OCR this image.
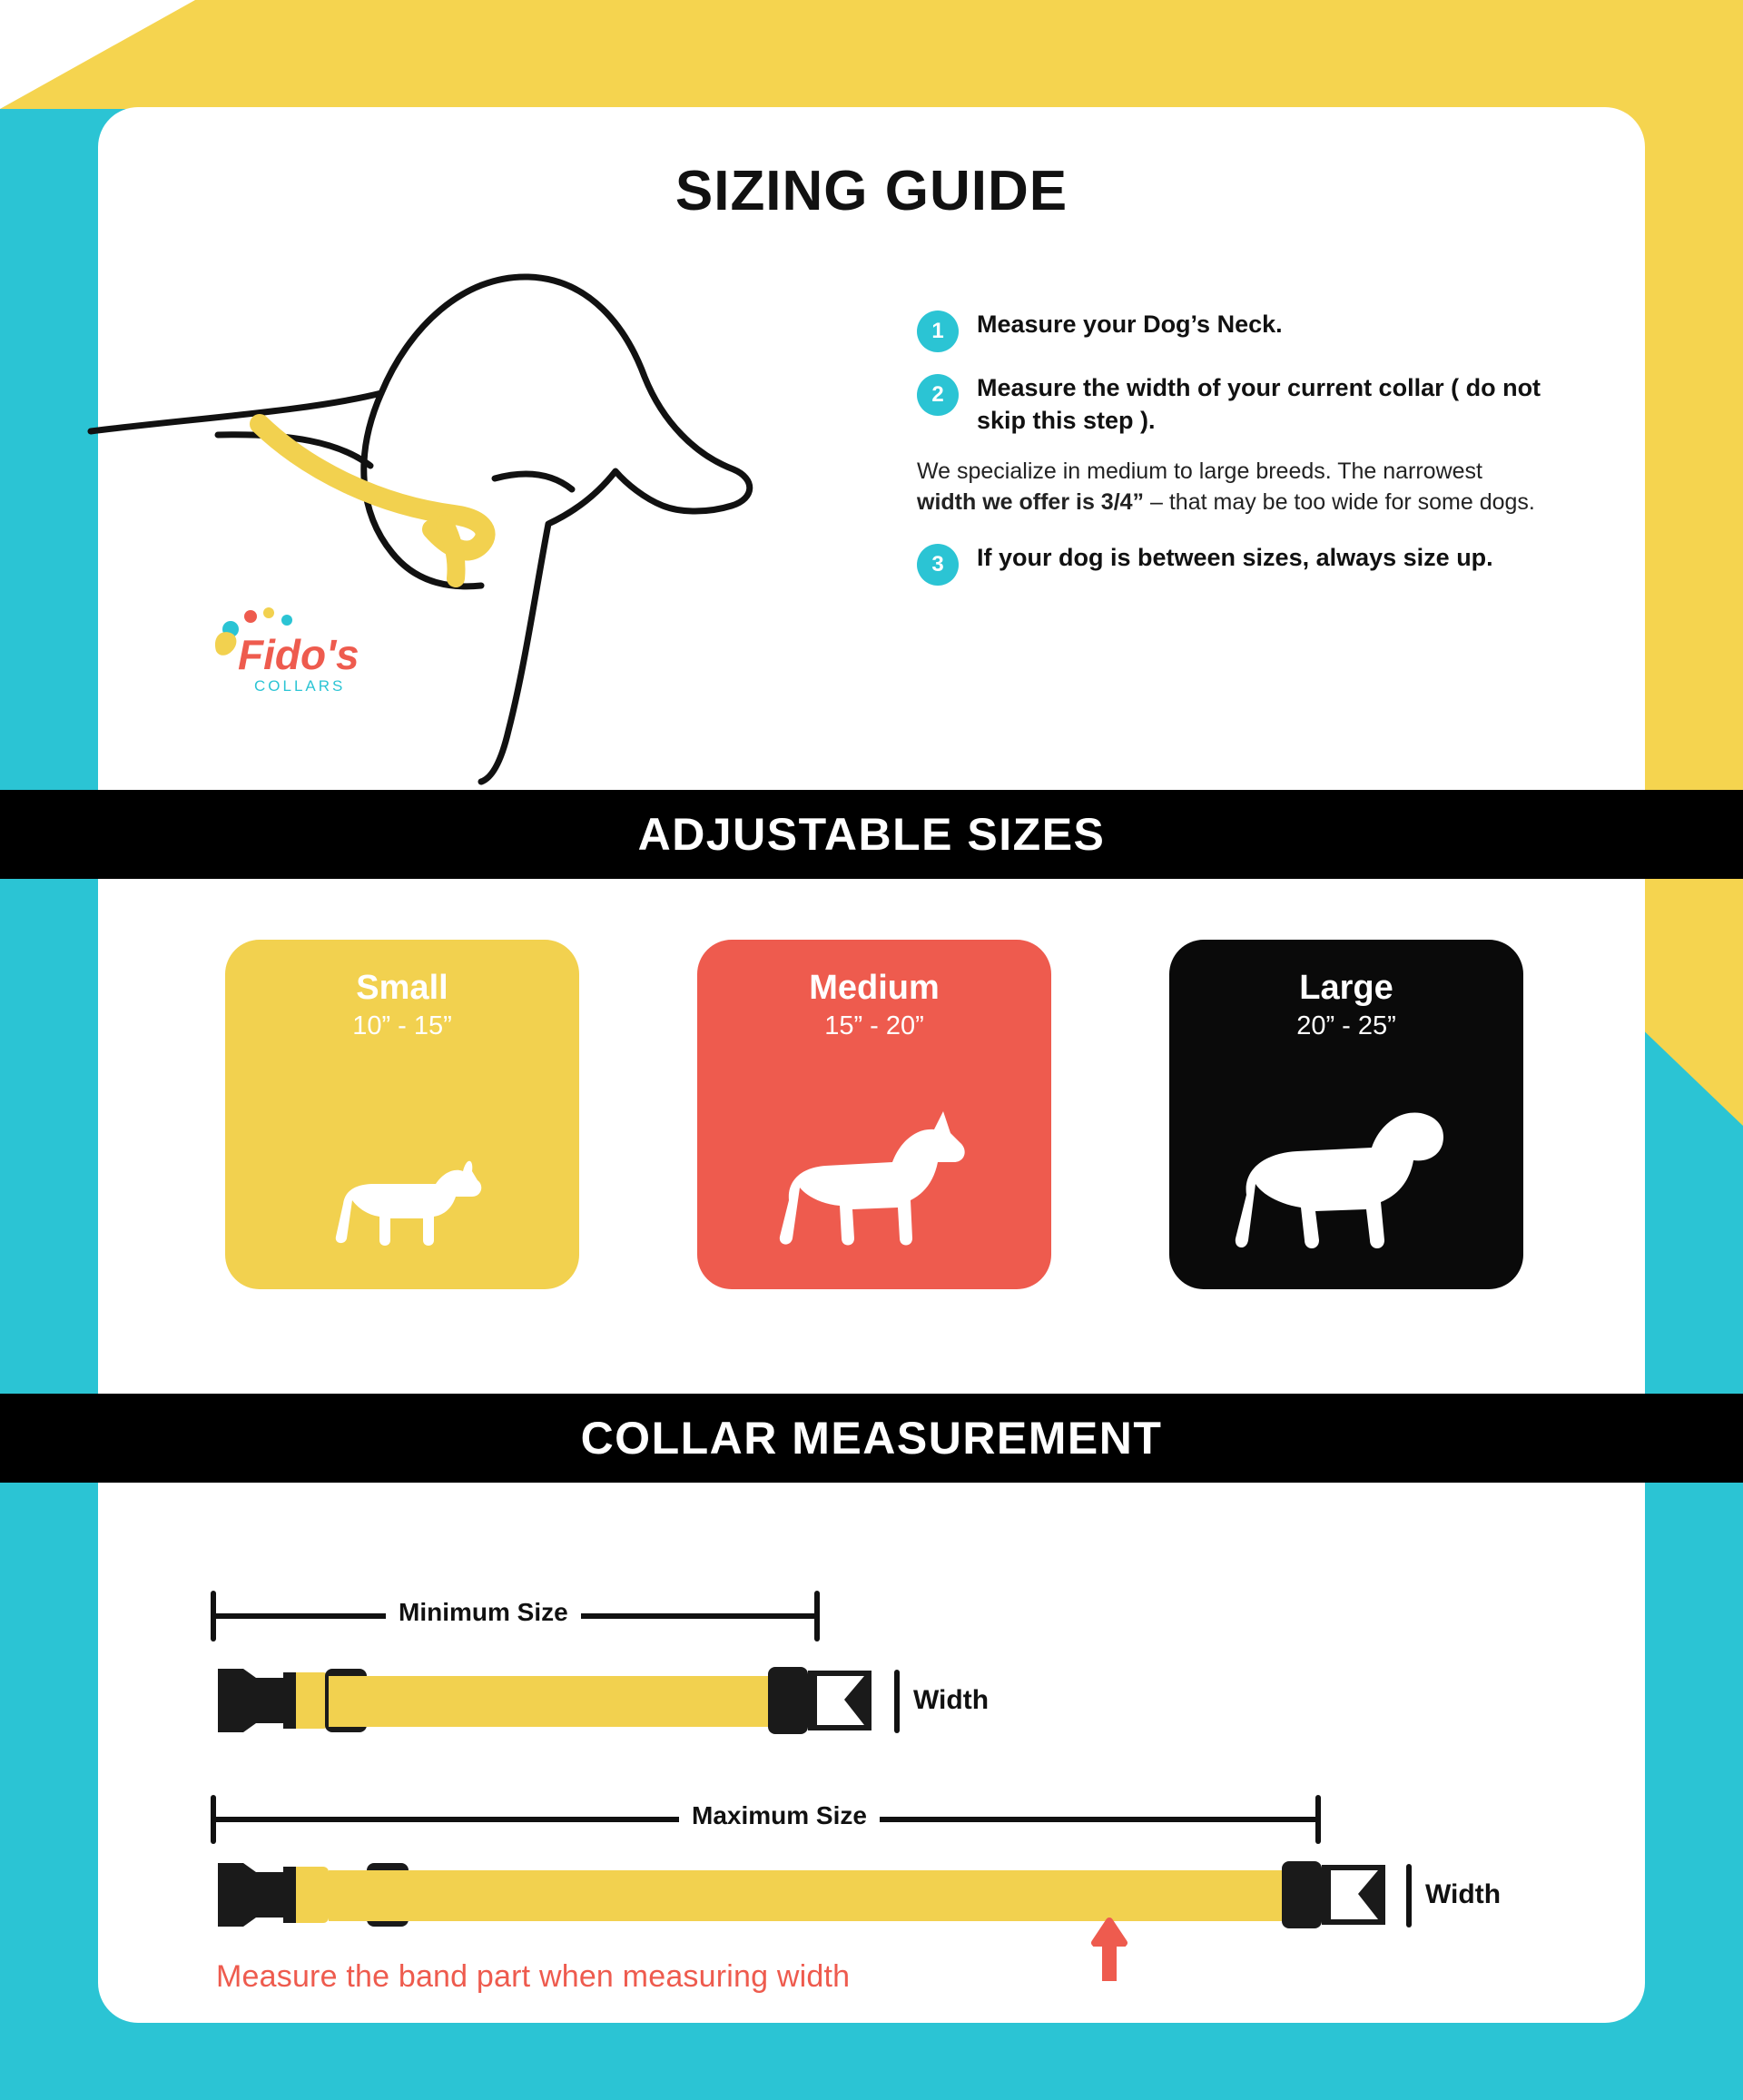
SIZING GUIDE
Fido's
COLLARS
1	Measure your Dog’s Neck.
2	Measure the width of your current collar ( do not skip this step ).
We specialize in medium to large breeds. The narrowest width we offer is 3/4” – that may be too wide for some dogs.
3	If your dog is between sizes, always size up.
ADJUSTABLE SIZES
Small
10” - 15”
Medium
15” - 20”
Large
20” - 25”
COLLAR MEASUREMENT
Minimum Size
Maximum Size
Width
Width
Measure the band part when measuring width
